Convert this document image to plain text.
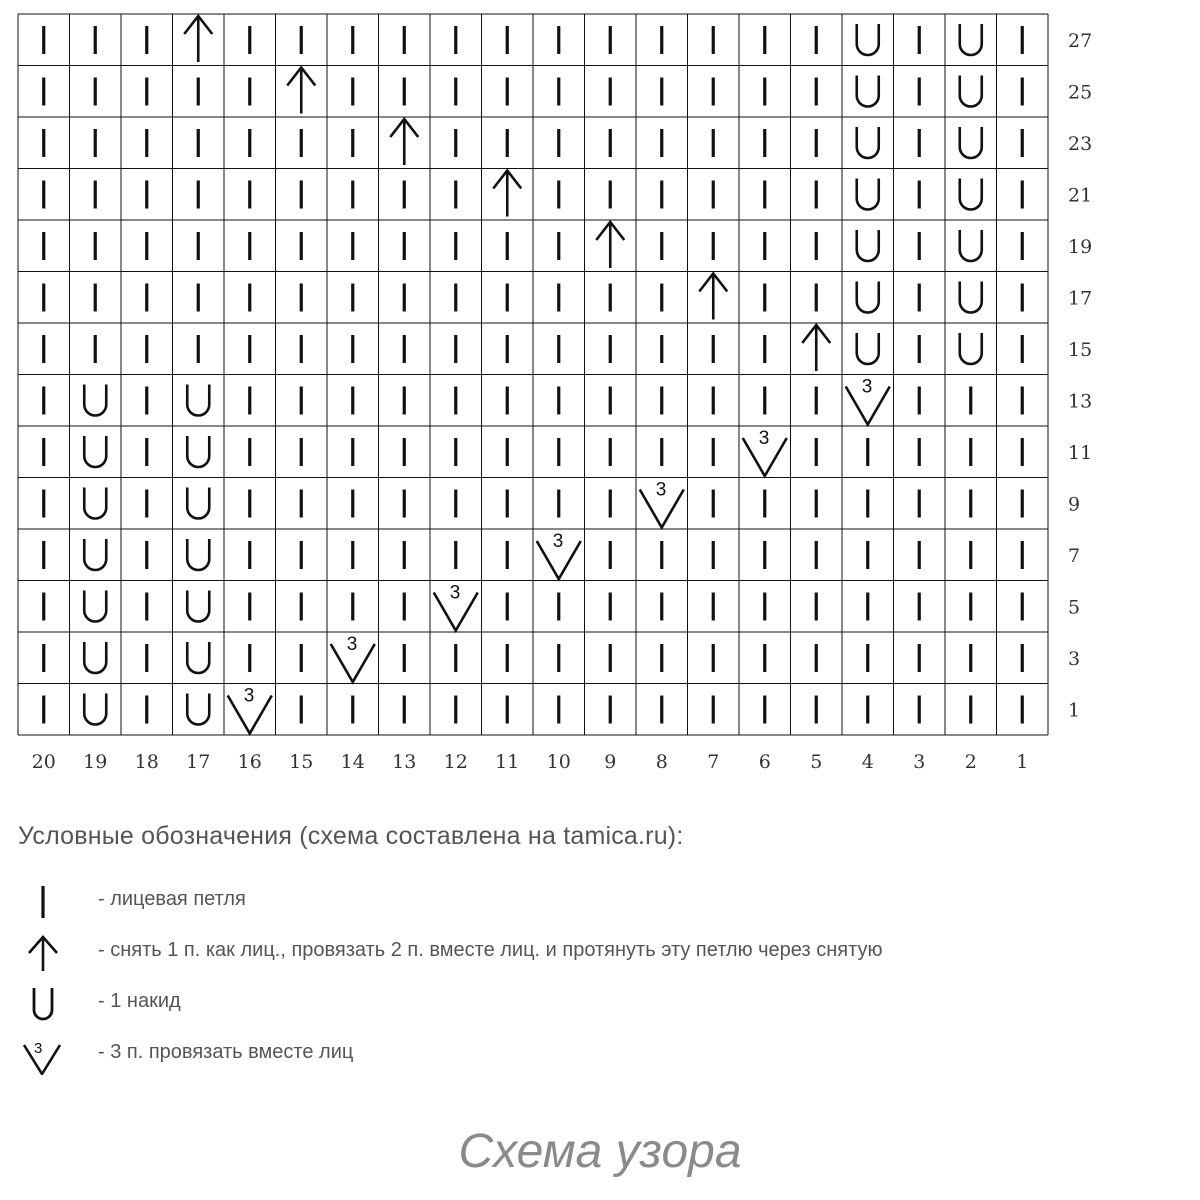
3
3
3
3
3
3
3
27
25
23
21
19
17
15
13
11
9
7
5
3
1
20 19 18 17 16 15 14 13 12 11 10 9 8 7 6 5 4 3 2 1
Условные обозначения (схема составлена на tamica.ru):
- лицевая петля
- снять 1 п. как лиц., провязать 2 п. вместе лиц. и протянуть эту петлю через снятую
- 1 накид
3	- 3 п. провязать вместе лиц
Схема узора
